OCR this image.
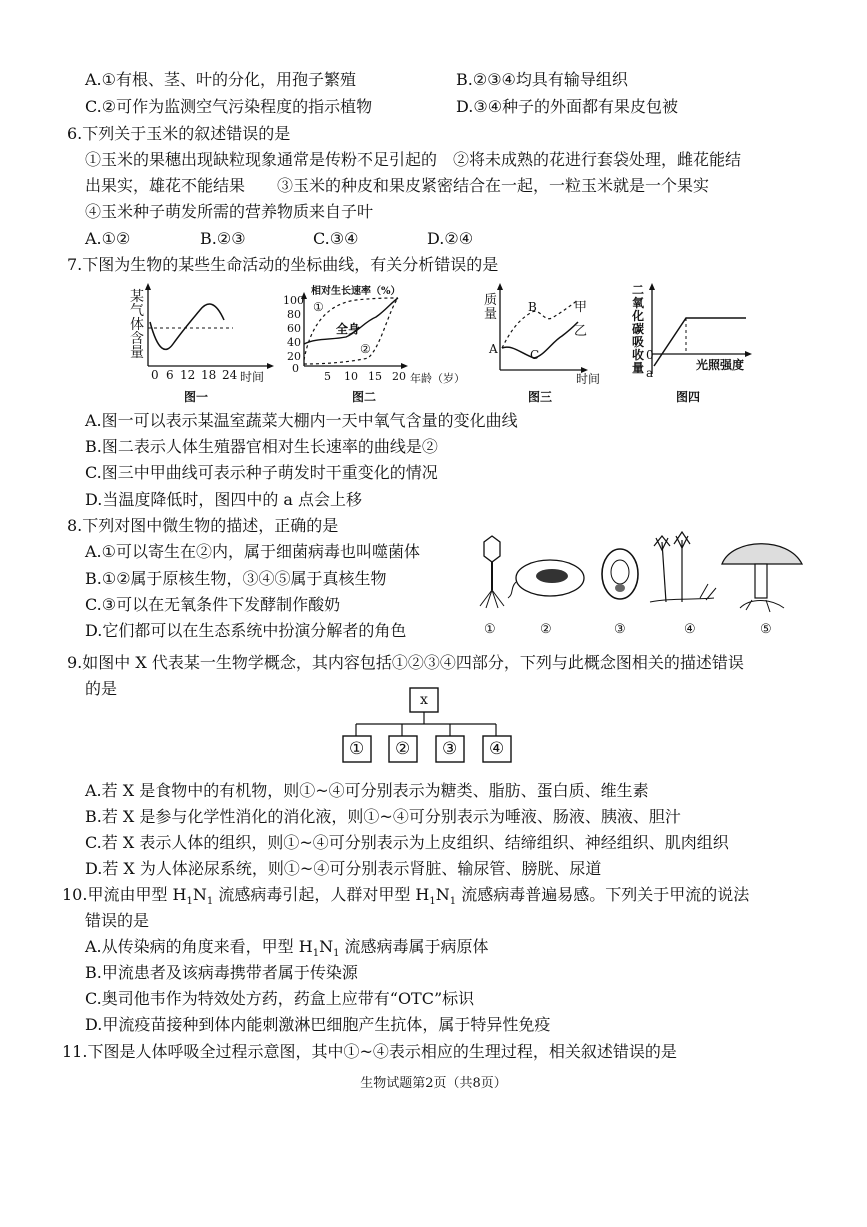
A.①有根、茎、叶的分化，用孢子繁殖	B.②③④均具有输导组织
C.②可作为监测空气污染程度的指示植物	D.③④种子的外面都有果皮包被
6.下列关于玉米的叙述错误的是
①玉米的果穗出现缺粒现象通常是传粉不足引起的　②将未成熟的花进行套袋处理，雌花能结
出果实，雄花不能结果　　③玉米的种皮和果皮紧密结合在一起，一粒玉米就是一个果实
④玉米种子萌发所需的营养物质来自子叶
A.①②	B.②③	C.③④	D.②④
7.下图为生物的某些生命活动的坐标曲线，有关分析错误的是
某气体含量
0 6 12 18 24 时间
图一
相对生长速率（%）
100
80
60
40
20
0
5 10 15 20 年龄（岁）
①
全身
②
图二
质量
A
B
C
甲
乙
时间
图三
二氧化碳吸收量
0
a
光照强度
图四
A.图一可以表示某温室蔬菜大棚内一天中氧气含量的变化曲线
B.图二表示人体生殖器官相对生长速率的曲线是②
C.图三中甲曲线可表示种子萌发时干重变化的情况
D.当温度降低时，图四中的 a 点会上移
8.下列对图中微生物的描述，正确的是
A.①可以寄生在②内，属于细菌病毒也叫噬菌体
B.①②属于原核生物，③④⑤属于真核生物
C.③可以在无氧条件下发酵制作酸奶
D.它们都可以在生态系统中扮演分解者的角色	①	②	③	④	⑤
9.如图中 X 代表某一生物学概念，其内容包括①②③④四部分，下列与此概念图相关的描述错误
的是
x
① ② ③ ④
A.若 X 是食物中的有机物，则①~④可分别表示为糖类、脂肪、蛋白质、维生素
B.若 X 是参与化学性消化的消化液，则①~④可分别表示为唾液、肠液、胰液、胆汁
C.若 X 表示人体的组织，则①~④可分别表示为上皮组织、结缔组织、神经组织、肌肉组织
D.若 X 为人体泌尿系统，则①~④可分别表示肾脏、输尿管、膀胱、尿道
10.甲流由甲型 $H_1N_1$ 流感病毒引起，人群对甲型 $H_1N_1$ 流感病毒普遍易感。下列关于甲流的说法
错误的是
A.从传染病的角度来看，甲型 $H_1N_1$ 流感病毒属于病原体
B.甲流患者及该病毒携带者属于传染源
C.奥司他韦作为特效处方药，药盒上应带有“OTC”标识
D.甲流疫苗接种到体内能刺激淋巴细胞产生抗体，属于特异性免疫
11.下图是人体呼吸全过程示意图，其中①~④表示相应的生理过程，相关叙述错误的是
生物试题第2页（共8页）
